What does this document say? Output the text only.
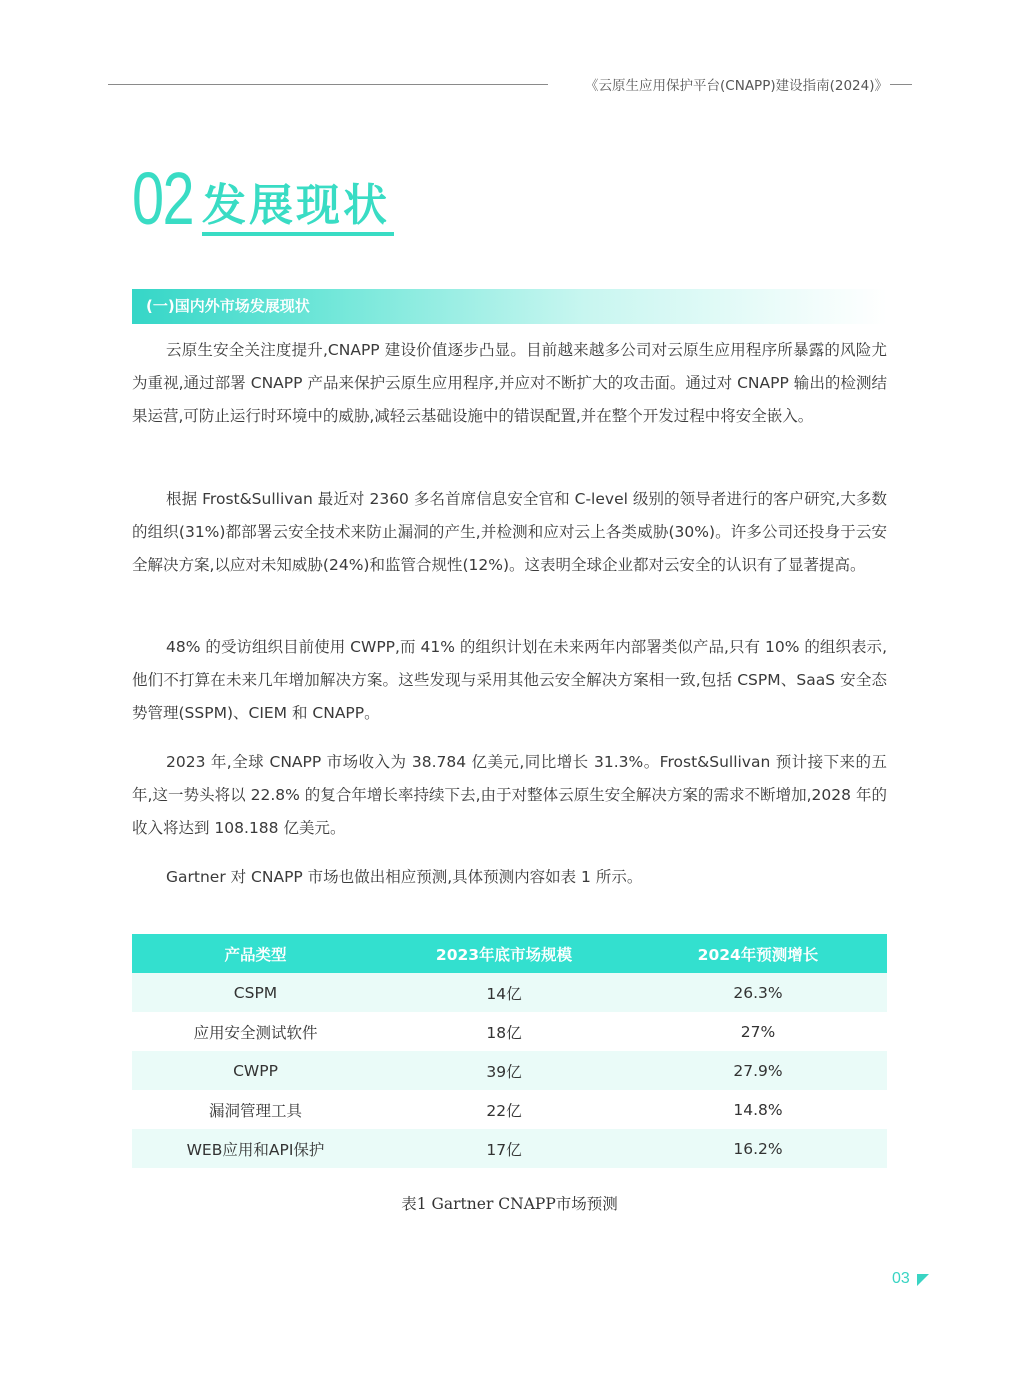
《云原生应用保护平台(CNAPP)建设指南(2024)》
02 发展现状
(一)国内外市场发展现状

云原生安全关注度提升,CNAPP 建设价值逐步凸显。目前越来越多公司对云原生应用程序所暴露的风险尤为重视,通过部署 CNAPP 产品来保护云原生应用程序,并应对不断扩大的攻击面。通过对 CNAPP 输出的检测结果运营,可防止运行时环境中的威胁,减轻云基础设施中的错误配置,并在整个开发过程中将安全嵌入。

根据 Frost&Sullivan 最近对 2360 多名首席信息安全官和 C-level 级别的领导者进行的客户研究,大多数的组织(31%)都部署云安全技术来防止漏洞的产生,并检测和应对云上各类威胁(30%)。许多公司还投身于云安全解决方案,以应对未知威胁(24%)和监管合规性(12%)。这表明全球企业都对云安全的认识有了显著提高。

48% 的受访组织目前使用 CWPP,而 41% 的组织计划在未来两年内部署类似产品,只有 10% 的组织表示,他们不打算在未来几年增加解决方案。这些发现与采用其他云安全解决方案相一致,包括 CSPM、SaaS 安全态势管理(SSPM)、CIEM 和 CNAPP。

2023 年,全球 CNAPP 市场收入为 38.784 亿美元,同比增长 31.3%。Frost&Sullivan 预计接下来的五年,这一势头将以 22.8% 的复合年增长率持续下去,由于对整体云原生安全解决方案的需求不断增加,2028 年的收入将达到 108.188 亿美元。

Gartner 对 CNAPP 市场也做出相应预测,具体预测内容如表 1 所示。

产品类型	2023年底市场规模	2024年预测增长
CSPM	14亿	26.3%
应用安全测试软件	18亿	27%
CWPP	39亿	27.9%
漏洞管理工具	22亿	14.8%
WEB应用和API保护	17亿	16.2%
表1 Gartner CNAPP市场预测
03
